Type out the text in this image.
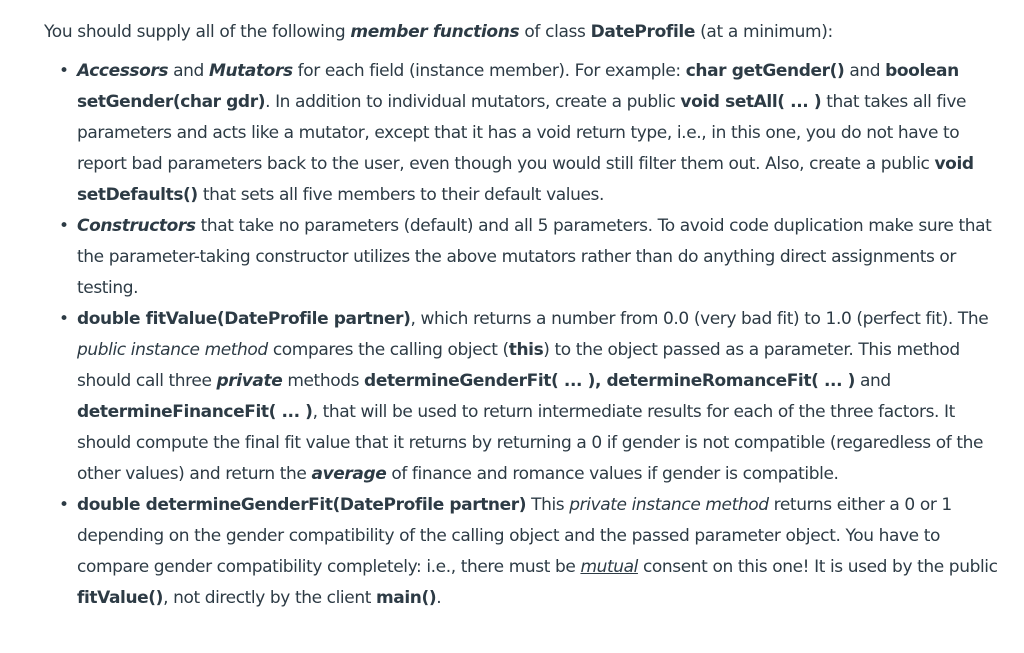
You should supply all of the following member functions of class DateProfile (at a minimum):

• Accessors and Mutators for each field (instance member). For example: char getGender() and boolean setGender(char gdr). In addition to individual mutators, create a public void setAll( ... ) that takes all five parameters and acts like a mutator, except that it has a void return type, i.e., in this one, you do not have to report bad parameters back to the user, even though you would still filter them out. Also, create a public void setDefaults() that sets all five members to their default values.
• Constructors that take no parameters (default) and all 5 parameters. To avoid code duplication make sure that the parameter-taking constructor utilizes the above mutators rather than do anything direct assignments or testing.
• double fitValue(DateProfile partner), which returns a number from 0.0 (very bad fit) to 1.0 (perfect fit). The public instance method compares the calling object (this) to the object passed as a parameter. This method should call three private methods determineGenderFit( ... ), determineRomanceFit( ... ) and determineFinanceFit( ... ), that will be used to return intermediate results for each of the three factors. It should compute the final fit value that it returns by returning a 0 if gender is not compatible (regaredless of the other values) and return the average of finance and romance values if gender is compatible.
• double determineGenderFit(DateProfile partner) This private instance method returns either a 0 or 1 depending on the gender compatibility of the calling object and the passed parameter object. You have to compare gender compatibility completely: i.e., there must be mutual consent on this one! It is used by the public fitValue(), not directly by the client main().
